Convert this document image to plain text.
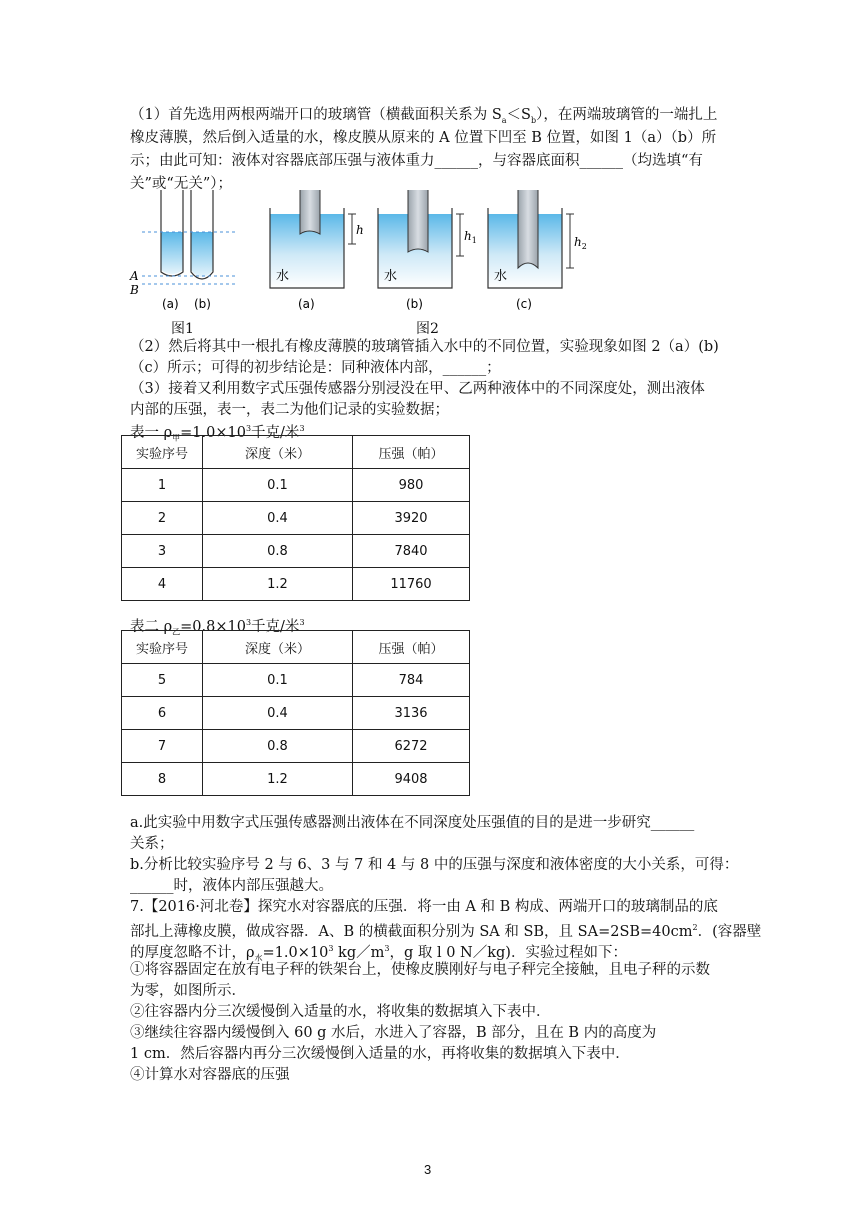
（1）首先选用两根两端开口的玻璃管（横截面积关系为 $S_a<S_b$），在两端玻璃管的一端扎上
橡皮薄膜，然后倒入适量的水，橡皮膜从原来的 A 位置下凹至 B 位置，如图 1（a）（b）所
示；由此可知：液体对容器底部压强与液体重力______，与容器底面积______（均选填“有
关”或“无关”）；
A
B
(a) (b)
图1
h
水
$h_1$
水
$h_2$
水
(a)	(b)	(c)
图2
（2）然后将其中一根扎有橡皮薄膜的玻璃管插入水中的不同位置，实验现象如图 2（a）(b)
（c）所示；可得的初步结论是：同种液体内部，______；
（3）接着又利用数字式压强传感器分别浸没在甲、乙两种液体中的不同深度处，测出液体
内部的压强，表一，表二为他们记录的实验数据；
表一 $\rho_甲=1.0\times 10^3$千克/米$^3$
实验序号	深度（米）	压强（帕）
1	0.1	980
2	0.4	3920
3	0.8	7840
4	1.2	11760
表二 $\rho_乙=0.8\times 10^3$千克/米$^3$
实验序号	深度（米）	压强（帕）
5	0.1	784
6	0.4	3136
7	0.8	6272
8	1.2	9408
a.此实验中用数字式压强传感器测出液体在不同深度处压强值的目的是进一步研究______
关系；
b.分析比较实验序号 2 与 6、3 与 7 和 4 与 8 中的压强与深度和液体密度的大小关系，可得：
______时，液体内部压强越大。
7.【2016·河北卷】探究水对容器底的压强．将一由 A 和 B 构成、两端开口的玻璃制品的底
部扎上薄橡皮膜，做成容器．A、B 的横截面积分别为 SA 和 SB，且 $SA=2SB=40cm^2$．(容器壁
的厚度忽略不计，$\rho_水=1.0\times 10^3$ $kg/m^3$，g 取 l 0 N／kg)．实验过程如下：
①将容器固定在放有电子秤的铁架台上，使橡皮膜刚好与电子秤完全接触，且电子秤的示数
为零，如图所示．
②往容器内分三次缓慢倒入适量的水，将收集的数据填入下表中．
③继续往容器内缓慢倒入 60 g 水后，水进入了容器，B 部分，且在 B 内的高度为
1 cm．然后容器内再分三次缓慢倒入适量的水，再将收集的数据填入下表中．
④计算水对容器底的压强
3
